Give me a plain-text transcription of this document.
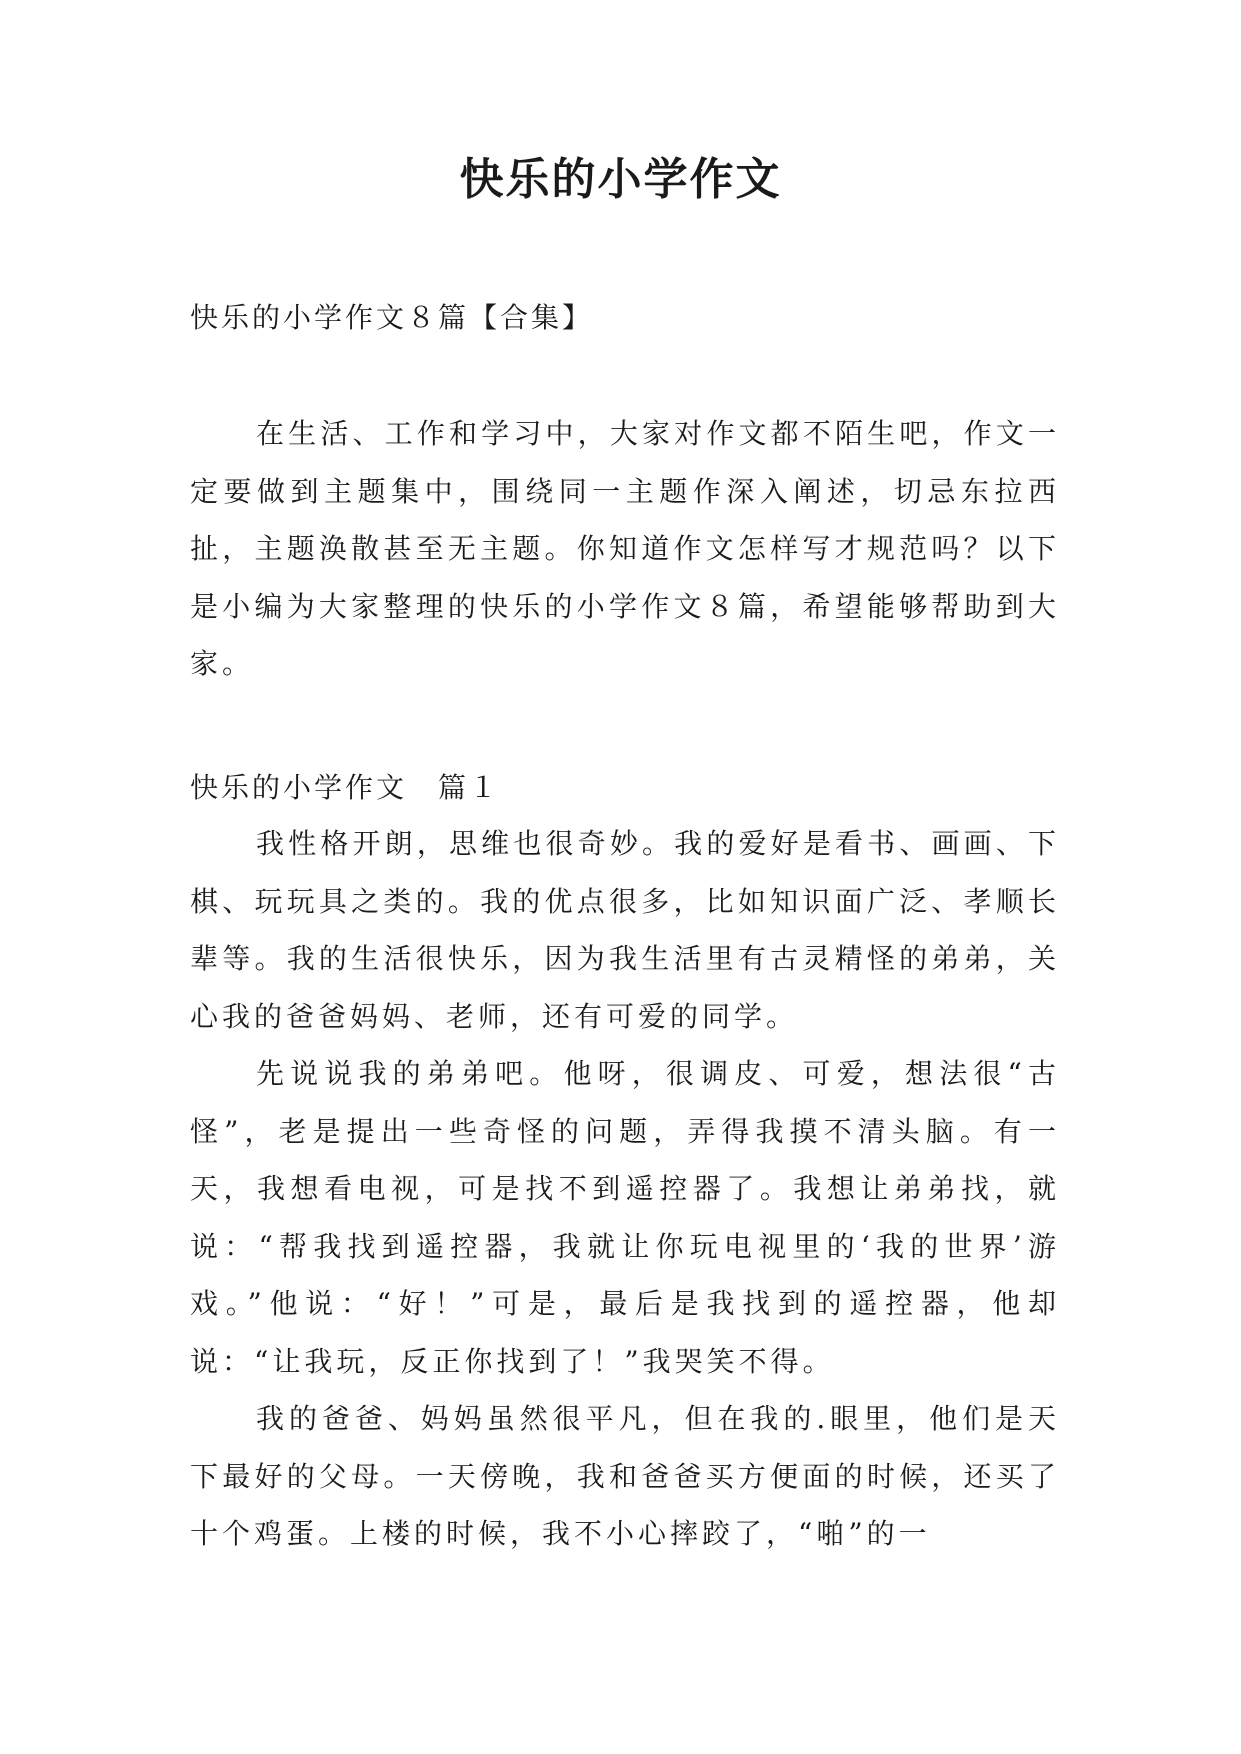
快乐的小学作文
快乐的小学作文８篇【合集】

在生活、工作和学习中，大家对作文都不陌生吧，作文一定要做到主题集中，围绕同一主题作深入阐述，切忌东拉西扯，主题涣散甚至无主题。你知道作文怎样写才规范吗？以下是小编为大家整理的快乐的小学作文８篇，希望能够帮助到大家。

快乐的小学作文　篇１

我性格开朗，思维也很奇妙。我的爱好是看书、画画、下棋、玩玩具之类的。我的优点很多，比如知识面广泛、孝顺长辈等。我的生活很快乐，因为我生活里有古灵精怪的弟弟，关心我的爸爸妈妈、老师，还有可爱的同学。

先说说我的弟弟吧。他呀，很调皮、可爱，想法很“古怪”，老是提出一些奇怪的问题，弄得我摸不清头脑。有一天，我想看电视，可是找不到遥控器了。我想让弟弟找，就说：“帮我找到遥控器，我就让你玩电视里的‘我的世界’游戏。”他说：“好！”可是，最后是我找到的遥控器，他却说：“让我玩，反正你找到了！”我哭笑不得。

我的爸爸、妈妈虽然很平凡，但在我的.眼里，他们是天下最好的父母。一天傍晚，我和爸爸买方便面的时候，还买了十个鸡蛋。上楼的时候，我不小心摔跤了，“啪”的一
